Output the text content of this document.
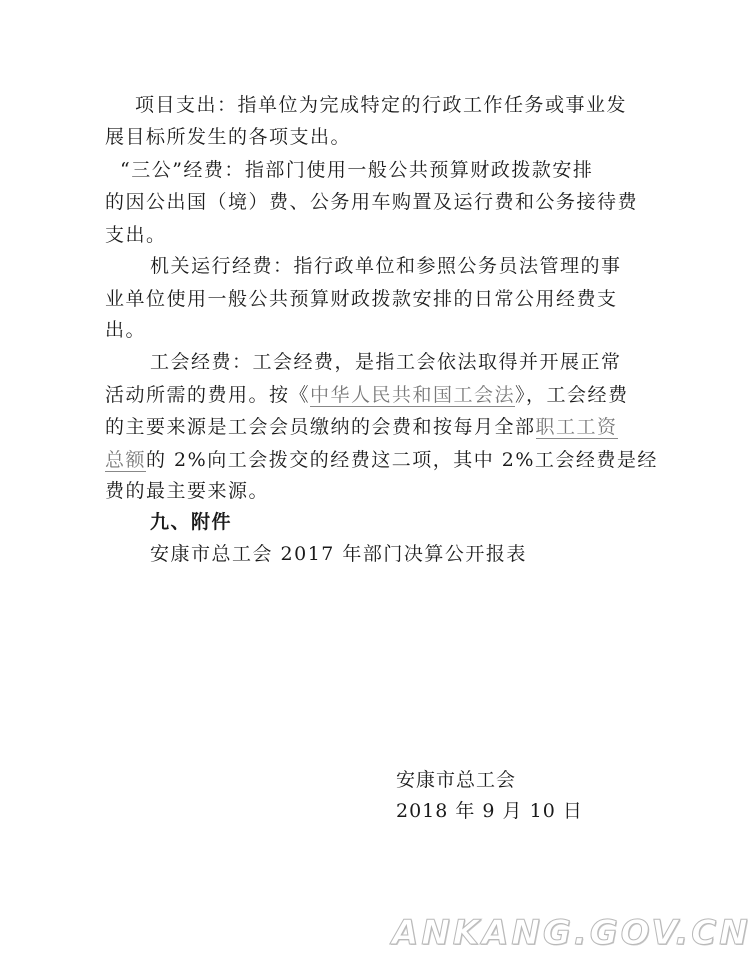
项目支出：指单位为完成特定的行政工作任务或事业发
展目标所发生的各项支出。
“三公”经费：指部门使用一般公共预算财政拨款安排
的因公出国（境）费、公务用车购置及运行费和公务接待费
支出。
机关运行经费：指行政单位和参照公务员法管理的事
业单位使用一般公共预算财政拨款安排的日常公用经费支
出。
工会经费：工会经费，是指工会依法取得并开展正常
活动所需的费用。按《中华人民共和国工会法》，工会经费
的主要来源是工会会员缴纳的会费和按每月全部职工工资
总额的 2%向工会拨交的经费这二项，其中 2%工会经费是经
费的最主要来源。
九、附件
安康市总工会 2017 年部门决算公开报表
安康市总工会
2018 年 9 月 10 日
ANKANG.GOV.CN
